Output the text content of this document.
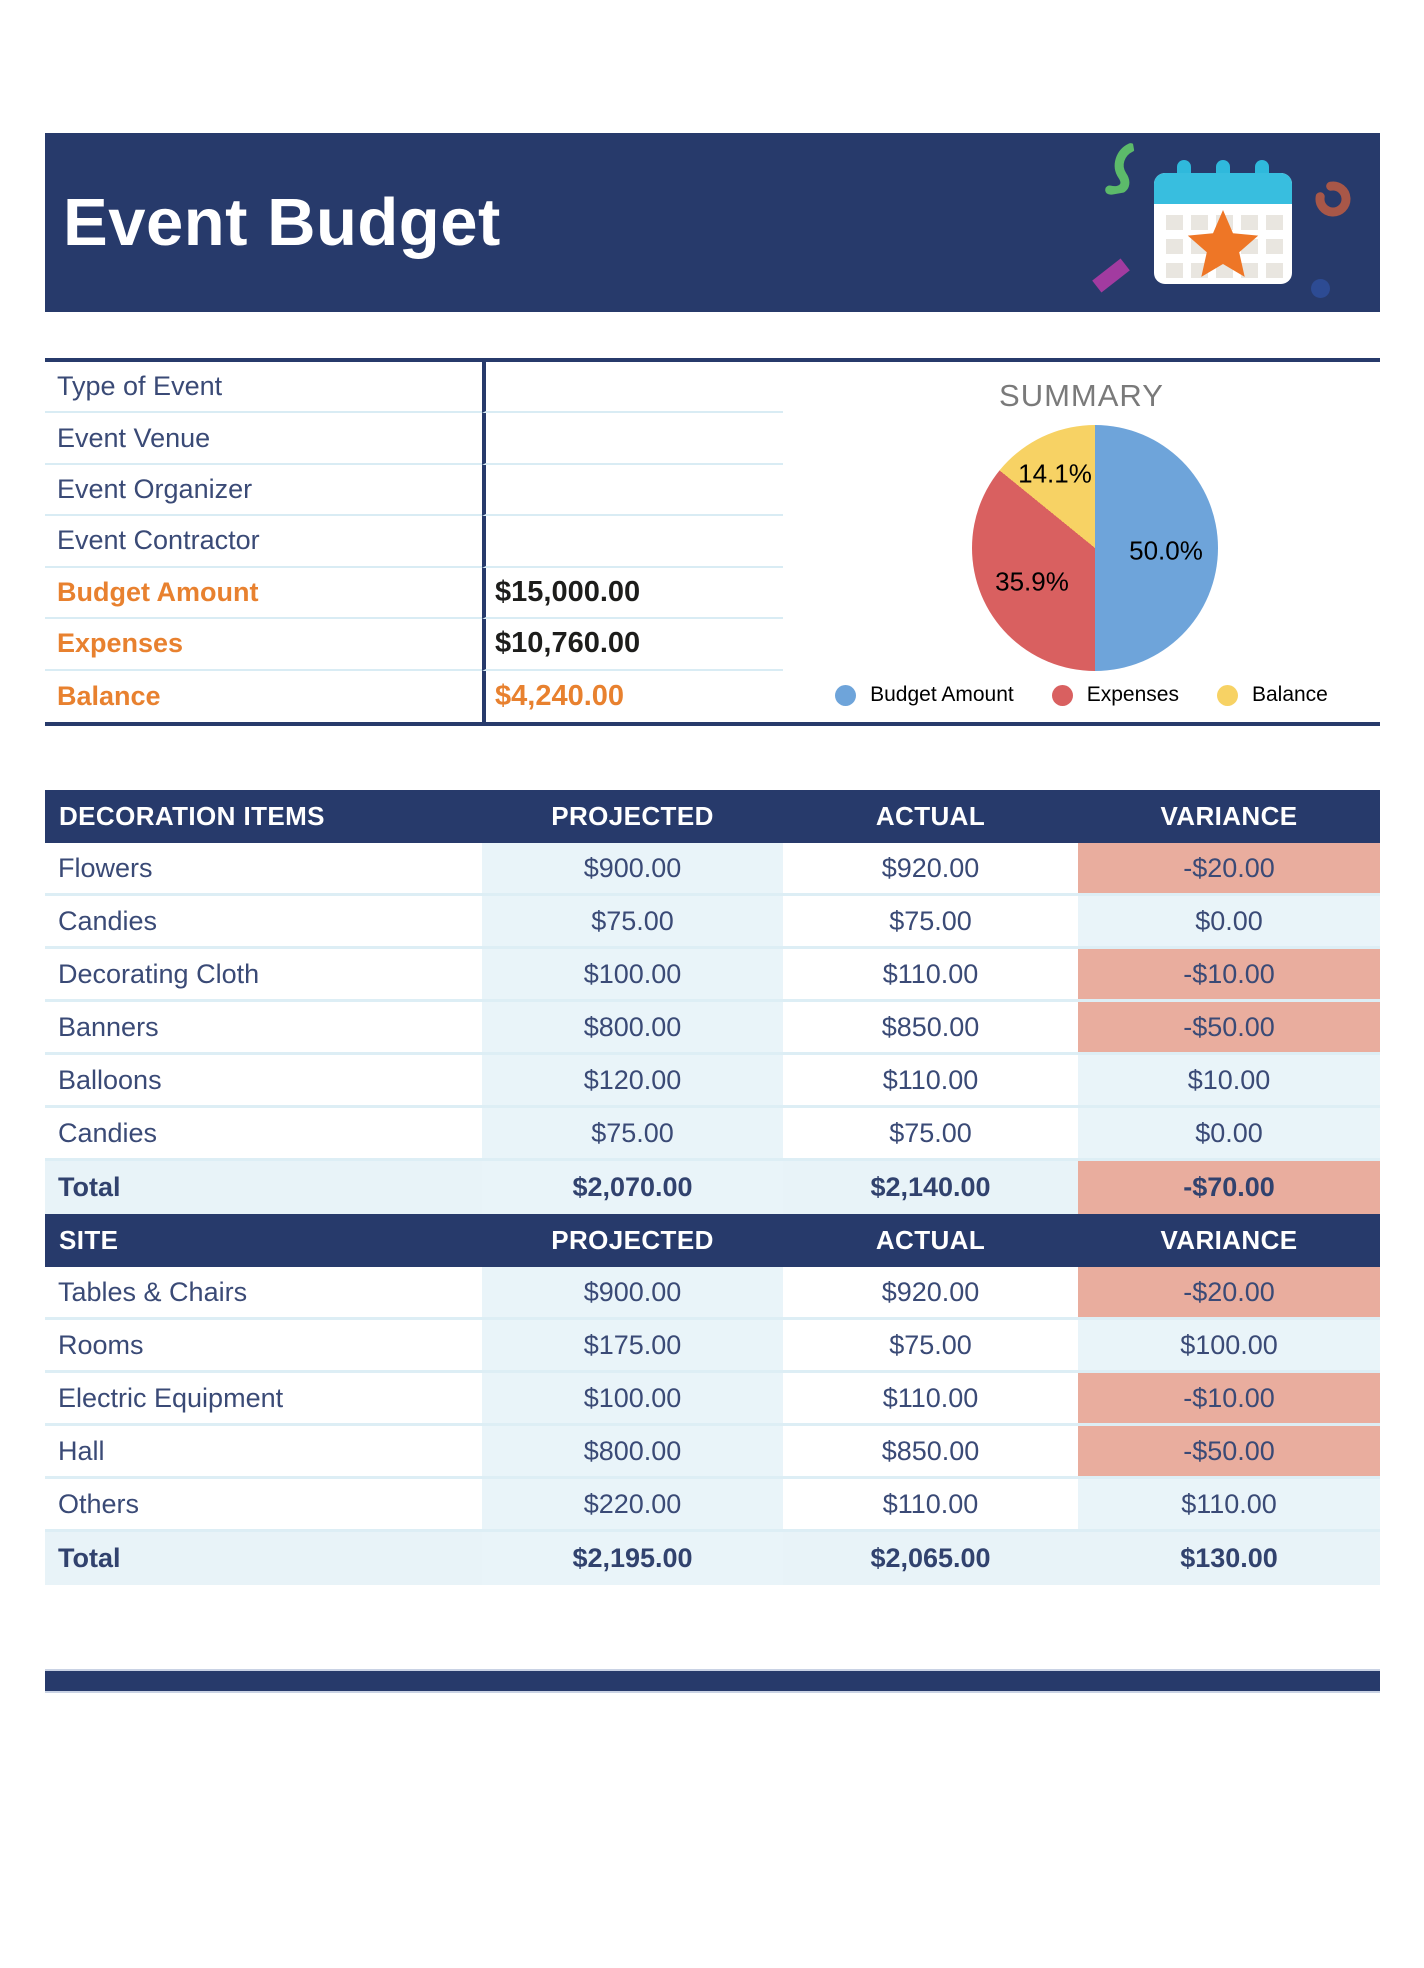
Event Budget
Type of Event
Event Venue
Event Organizer
Event Contractor
Budget Amount	$15,000.00
Expenses	$10,760.00
Balance	$4,240.00
SUMMARY
50.0%
35.9%
14.1%
Budget Amount	Expenses	Balance
DECORATION ITEMS	PROJECTED	ACTUAL	VARIANCE
Flowers	$900.00	$920.00	-$20.00
Candies	$75.00	$75.00	$0.00
Decorating Cloth	$100.00	$110.00	-$10.00
Banners	$800.00	$850.00	-$50.00
Balloons	$120.00	$110.00	$10.00
Candies	$75.00	$75.00	$0.00
Total	$2,070.00	$2,140.00	-$70.00
SITE	PROJECTED	ACTUAL	VARIANCE
Tables & Chairs	$900.00	$920.00	-$20.00
Rooms	$175.00	$75.00	$100.00
Electric Equipment	$100.00	$110.00	-$10.00
Hall	$800.00	$850.00	-$50.00
Others	$220.00	$110.00	$110.00
Total	$2,195.00	$2,065.00	$130.00
